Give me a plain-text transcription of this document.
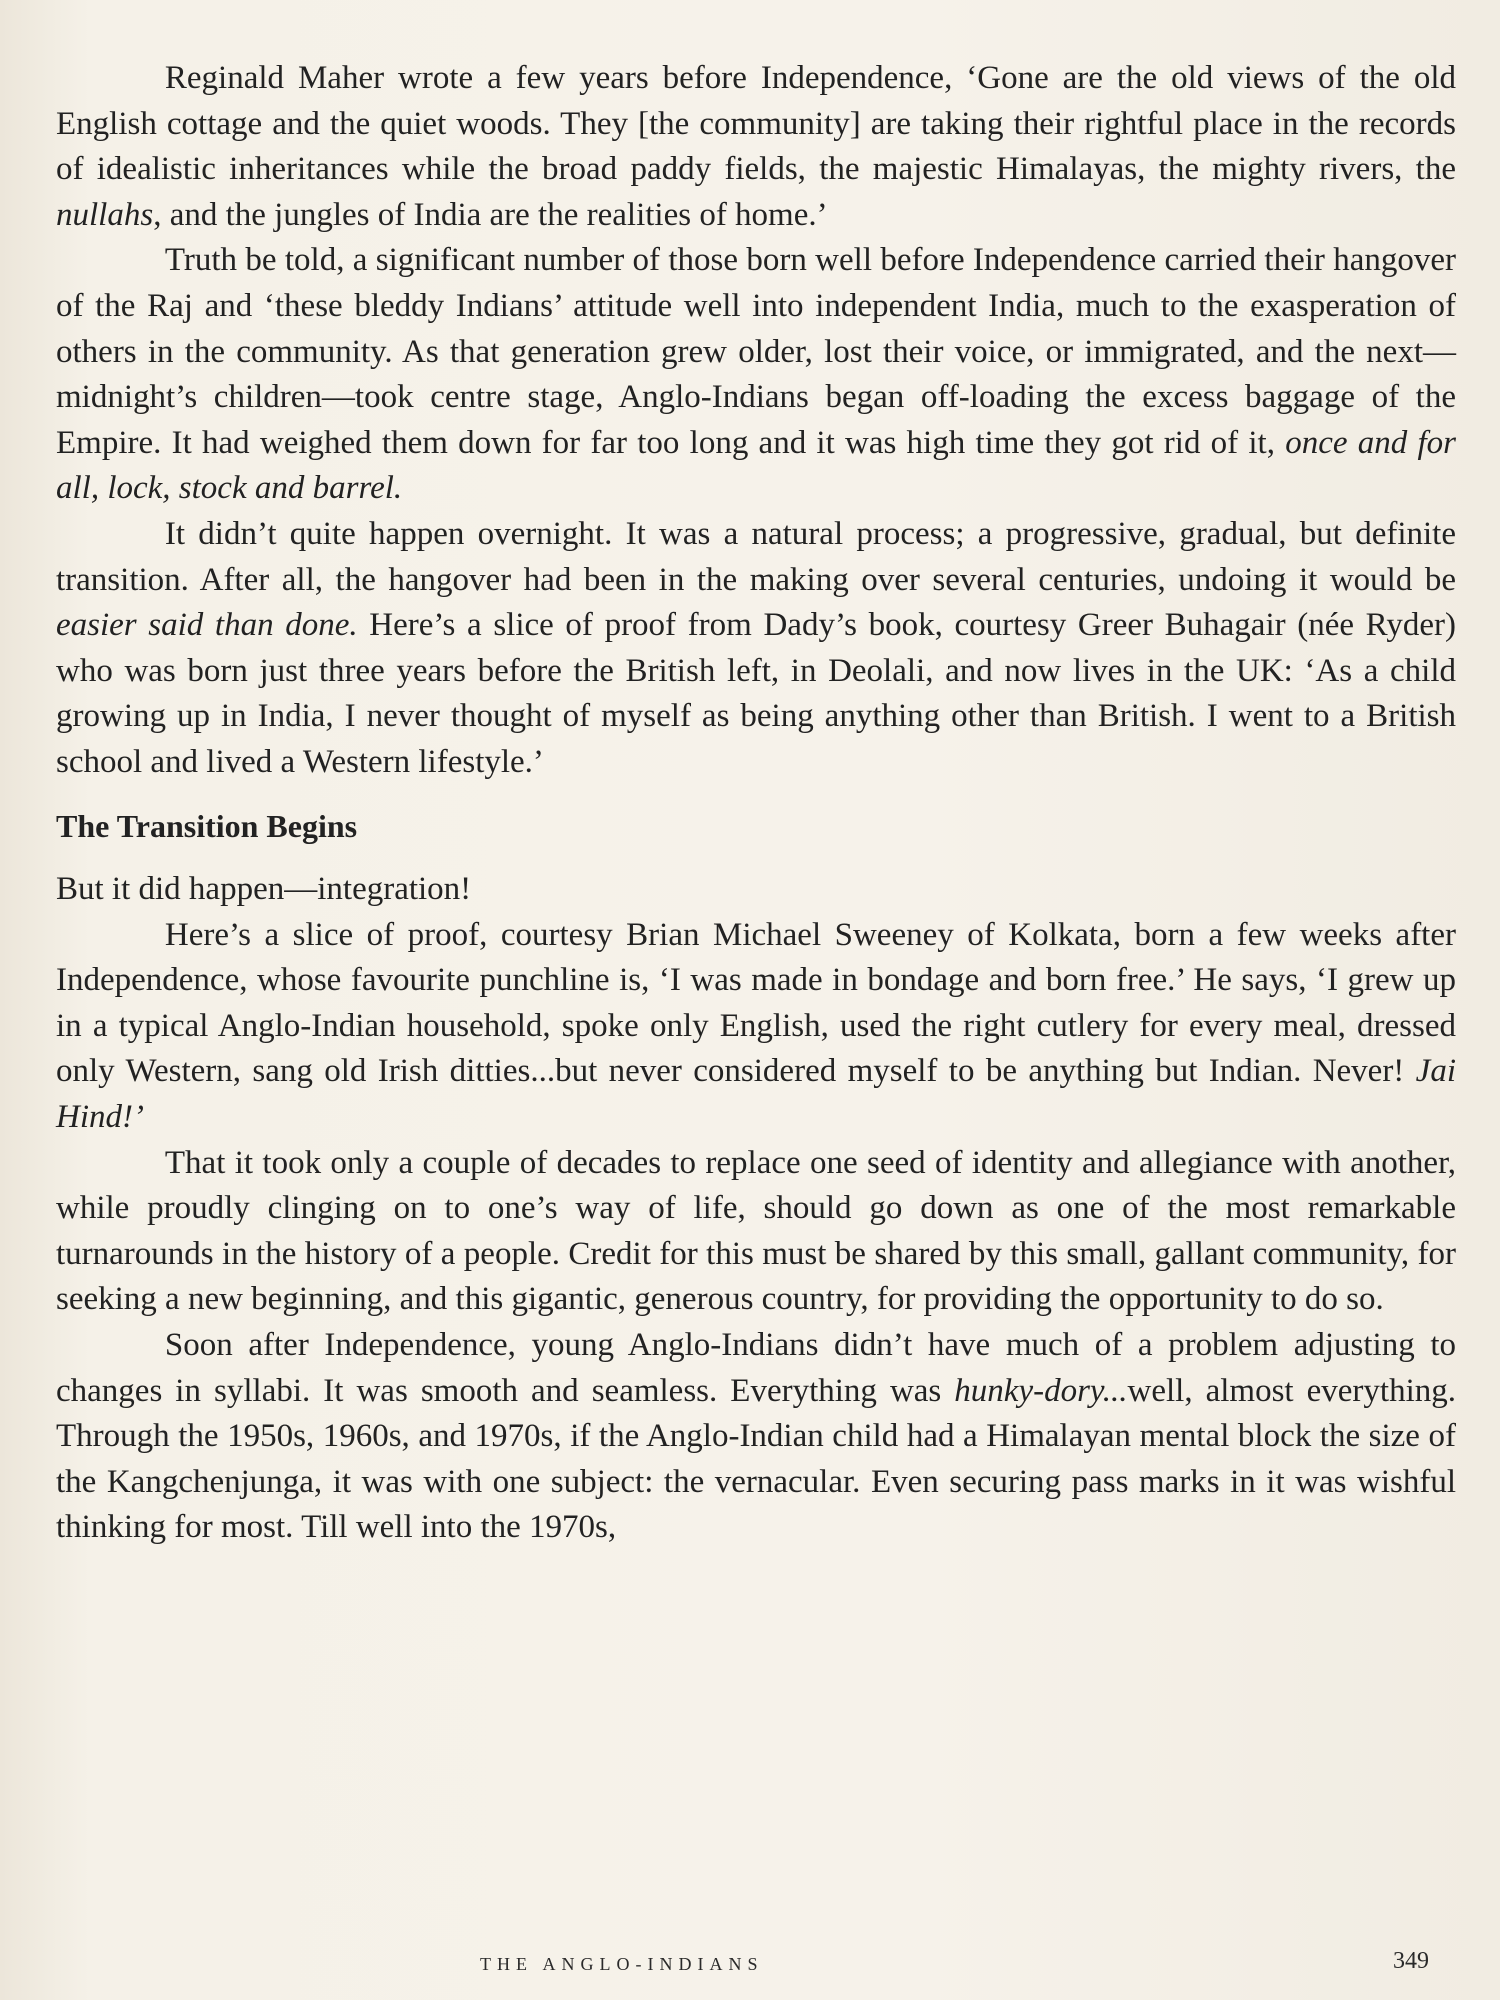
Reginald Maher wrote a few years before Independence, ‘Gone are the old views of the old English cottage and the quiet woods. They [the community] are taking their rightful place in the records of idealistic inheritances while the broad paddy fields, the majestic Himalayas, the mighty rivers, the nullahs, and the jungles of India are the realities of home.’

Truth be told, a significant number of those born well before Independence carried their hangover of the Raj and ‘these bleddy Indians’ attitude well into independent India, much to the exasperation of others in the community. As that generation grew older, lost their voice, or immigrated, and the next—midnight’s children—took centre stage, Anglo-Indians began off-loading the excess baggage of the Empire. It had weighed them down for far too long and it was high time they got rid of it, once and for all, lock, stock and barrel.

It didn’t quite happen overnight. It was a natural process; a progressive, gradual, but definite transition. After all, the hangover had been in the making over several centuries, undoing it would be easier said than done. Here’s a slice of proof from Dady’s book, courtesy Greer Buhagair (née Ryder) who was born just three years before the British left, in Deolali, and now lives in the UK: ‘As a child growing up in India, I never thought of myself as being anything other than British. I went to a British school and lived a Western lifestyle.’

The Transition Begins

But it did happen—integration!

Here’s a slice of proof, courtesy Brian Michael Sweeney of Kolkata, born a few weeks after Independence, whose favourite punchline is, ‘I was made in bondage and born free.’ He says, ‘I grew up in a typical Anglo-Indian household, spoke only English, used the right cutlery for every meal, dressed only Western, sang old Irish ditties...but never considered myself to be anything but Indian. Never! Jai Hind!’

That it took only a couple of decades to replace one seed of identity and allegiance with another, while proudly clinging on to one’s way of life, should go down as one of the most remarkable turnarounds in the history of a people. Credit for this must be shared by this small, gallant community, for seeking a new beginning, and this gigantic, generous country, for providing the opportunity to do so.

Soon after Independence, young Anglo-Indians didn’t have much of a problem adjusting to changes in syllabi. It was smooth and seamless. Everything was hunky-dory...well, almost everything. Through the 1950s, 1960s, and 1970s, if the Anglo-Indian child had a Himalayan mental block the size of the Kangchenjunga, it was with one subject: the vernacular. Even securing pass marks in it was wishful thinking for most. Till well into the 1970s,

THE ANGLO-INDIANS	349
